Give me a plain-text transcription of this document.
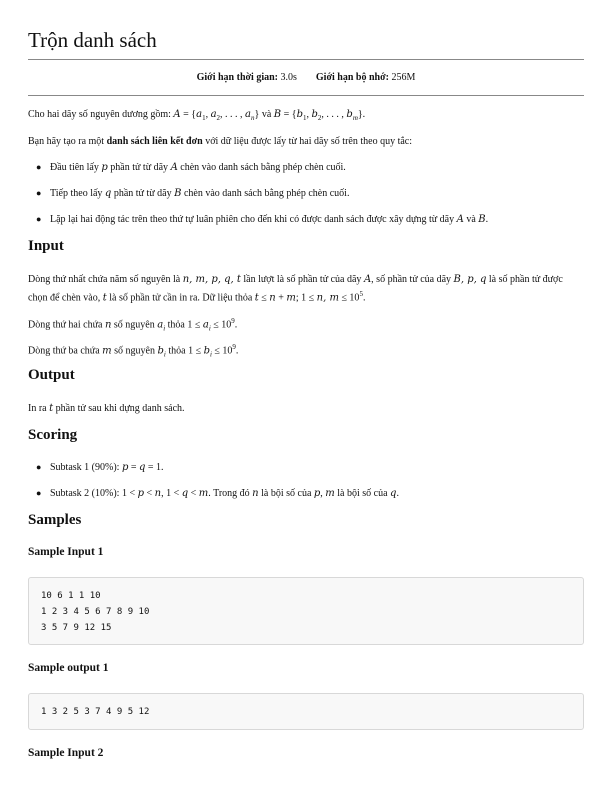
Trộn danh sách
Giới hạn thời gian: 3.0s Giới hạn bộ nhớ: 256M

Cho hai dãy số nguyên dương gồm: $A = \{a_1$, $a_2$, . . . , $a_n$} và $B = \{b_1$, $b_2$, . . . , $b_m$}.

Bạn hãy tạo ra một danh sách liên kết đơn với dữ liệu được lấy từ hai dãy số trên theo quy tắc:

● Đầu tiên lấy p phần tử từ dãy A chèn vào danh sách bằng phép chèn cuối.
● Tiếp theo lấy q phần tử từ dãy B chèn vào danh sách bằng phép chèn cuối.
● Lặp lại hai động tác trên theo thứ tự luân phiên cho đến khi có được danh sách được xây dựng từ dãy A và B.
Input

Dòng thứ nhất chứa năm số nguyên là n, m, p, q, t lần lượt là số phần tử của dãy A, số phần tử của dãy B, p, q là số phần tử được

chọn để chèn vào, t là số phần tử cần in ra. Dữ liệu thỏa t ≤ n + m; 1 ≤ n, $m \le 10^5$.

Dòng thứ hai chứa n số nguyên $a_i$ thỏa $1 \le a_i \le 10^9$.

Dòng thứ ba chứa m số nguyên $b_i$ thỏa $1 \le b_i \le 10^9$.

Output

In ra t phần tử sau khi dựng danh sách.

Scoring
● Subtask 1 (90%): p = q = 1.
● Subtask 2 (10%): 1 < p < n, 1 < q < m. Trong đó n là bội số của p, m là bội số của q.
Samples
Sample Input 1
10 6 1 1 10
1 2 3 4 5 6 7 8 9 10
3 5 7 9 12 15
Sample output 1
1 3 2 5 3 7 4 9 5 12
Sample Input 2
